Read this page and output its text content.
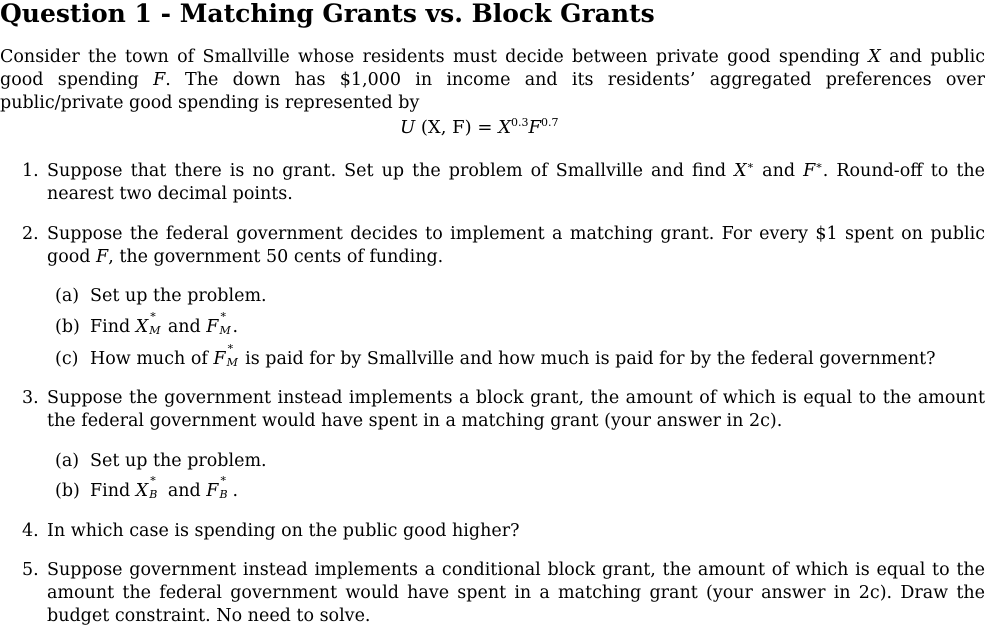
Question 1 - Matching Grants vs. Block Grants
Consider the town of Smallville whose residents must decide between private good spending X and public good spending F. The down has $1,000 in income and its residents’ aggregated preferences over public/private good spending is represented by
U (X, $F) = X^{0.3}F^{0.7}$
1. Suppose that there is no grant. Set up the problem of Smallville and find X∗ and F∗. Round-off to the nearest two decimal points.
2. Suppose the federal government decides to implement a matching grant. For every $1 spent on public good F, the government 50 cents of funding.
(a) Set up the problem.
(b) Find X
∗
M and F
∗
M .
(c) How much of F
∗
M is paid for by Smallville and how much is paid for by the federal government?
3. Suppose the government instead implements a block grant, the amount of which is equal to the amount the federal government would have spent in a matching grant (your answer in 2c).
(a) Set up the problem.
(b) Find X
∗
B and F
∗
B .
4. In which case is spending on the public good higher?
5. Suppose government instead implements a conditional block grant, the amount of which is equal to the amount the federal government would have spent in a matching grant (your answer in 2c). Draw the budget constraint. No need to solve.
